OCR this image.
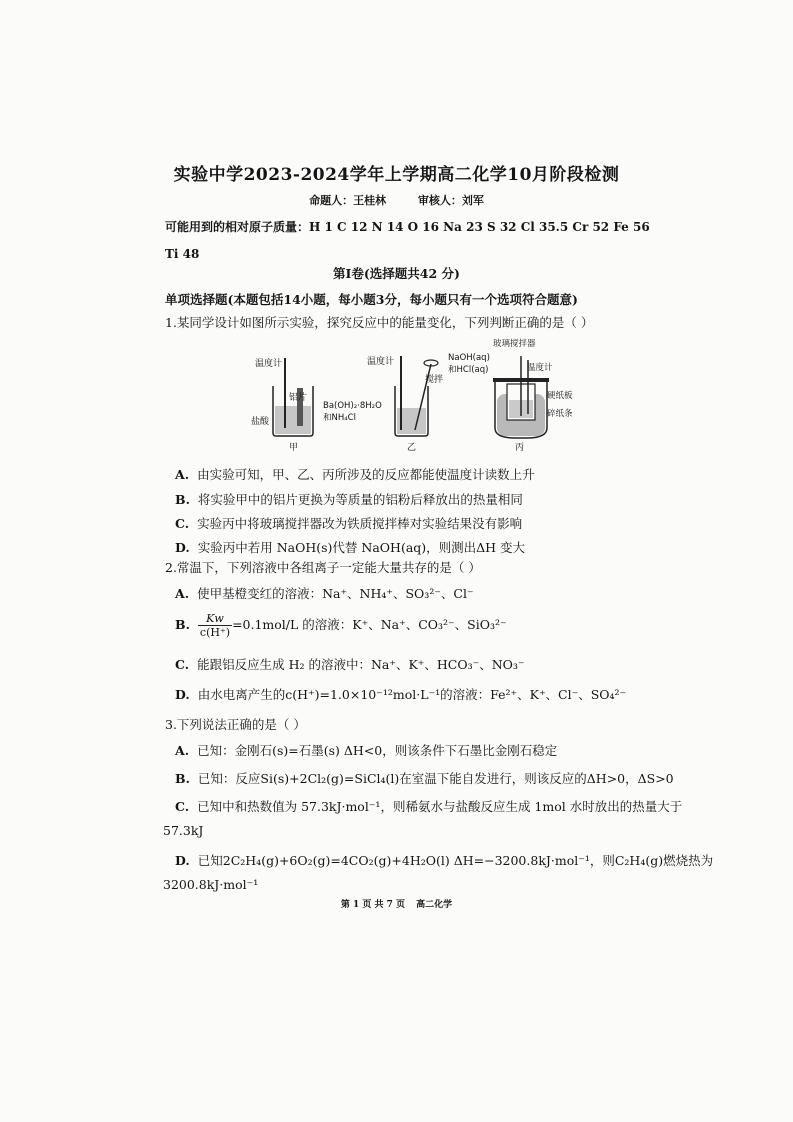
实验中学2023-2024学年上学期高二化学10月阶段检测
命题人：王桂林	审核人：刘军
可能用到的相对原子质量：H 1 C 12 N 14 O 16 Na 23 S 32 Cl 35.5 Cr 52 Fe 56
Ti 48
第Ⅰ卷(选择题共42 分)
单项选择题(本题包括14小题，每小题3分，每小题只有一个选项符合题意)
1.某同学设计如图所示实验，探究反应中的能量变化，下列判断正确的是（ ）
温度计
铝片
盐酸
甲
温度计
搅拌
Ba(OH)₂·8H₂O
和NH₄Cl
乙
玻璃搅拌器
NaOH(aq)
和HCl(aq)	温度计
硬纸板
碎纸条
丙
A. 由实验可知，甲、乙、丙所涉及的反应都能使温度计读数上升
B. 将实验甲中的铝片更换为等质量的铝粉后释放出的热量相同
C. 实验丙中将玻璃搅拌器改为铁质搅拌棒对实验结果没有影响
D. 实验丙中若用 NaOH(s)代替 NaOH(aq)，则测出ΔH 变大
2.常温下，下列溶液中各组离子一定能大量共存的是（ ）
A. 使甲基橙变红的溶液：Na⁺、NH₄⁺、SO₃²⁻、Cl⁻
B. $\frac{Kw}{c(H^+)} =0.1mol/L$ 的溶液：K⁺、Na⁺、CO₃²⁻、SiO₃²⁻
C. 能跟铝反应生成 H₂ 的溶液中：Na⁺、K⁺、HCO₃⁻、NO₃⁻
D. 由水电离产生的c(H⁺)=1.0×10⁻¹²mol·L⁻¹的溶液：Fe²⁺、K⁺、Cl⁻、SO₄²⁻
3.下列说法正确的是（ ）
A. 已知：金刚石(s)=石墨(s) ΔH<0，则该条件下石墨比金刚石稳定
B. 已知：反应Si(s)+2Cl₂(g)=SiCl₄(l)在室温下能自发进行，则该反应的ΔH>0，ΔS>0
C. 已知中和热数值为 57.3kJ·mol⁻¹，则稀氨水与盐酸反应生成 1mol 水时放出的热量大于
57.3kJ
D. 已知2C₂H₄(g)+6O₂(g)=4CO₂(g)+4H₂O(l) ΔH=−3200.8kJ·mol⁻¹，则C₂H₄(g)燃烧热为
3200.8kJ·mol⁻¹
第 1 页 共 7 页 高二化学
